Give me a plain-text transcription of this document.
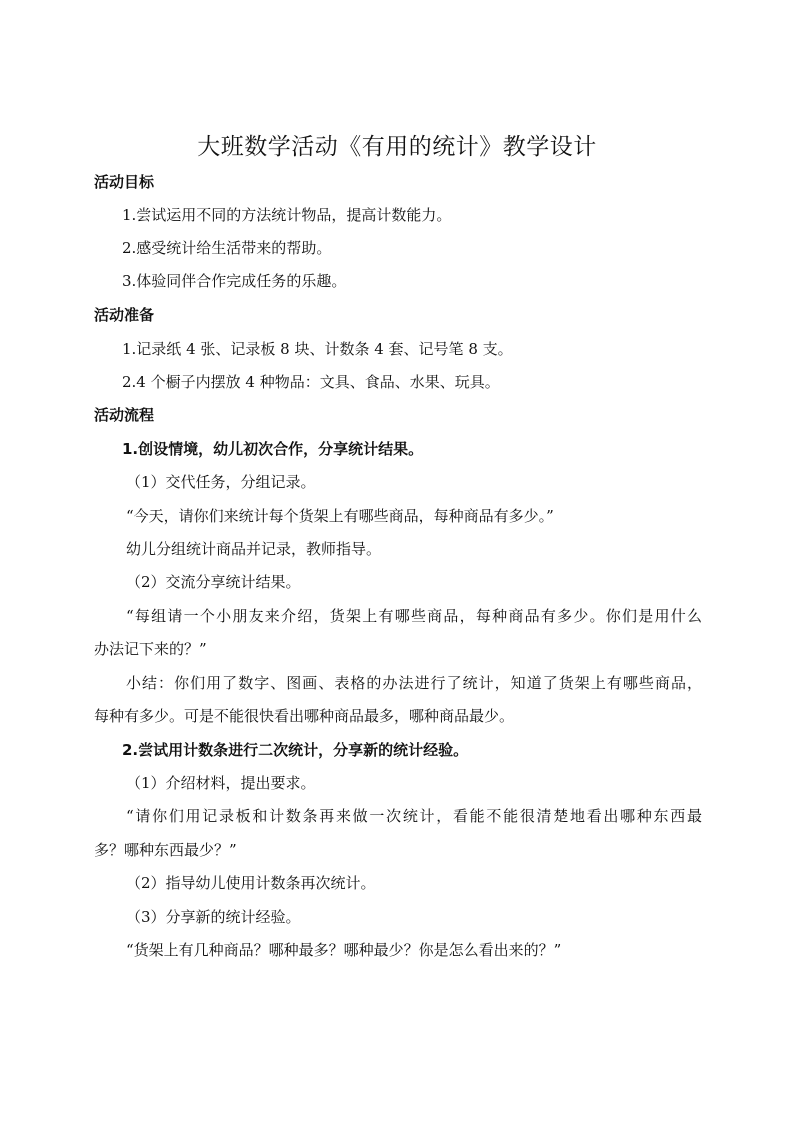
大班数学活动《有用的统计》教学设计
活动目标
1.尝试运用不同的方法统计物品，提高计数能力。
2.感受统计给生活带来的帮助。
3.体验同伴合作完成任务的乐趣。
活动准备
1.记录纸 4 张、记录板 8 块、计数条 4 套、记号笔 8 支。
2.4 个橱子内摆放 4 种物品：文具、食品、水果、玩具。
活动流程
1.创设情境，幼儿初次合作，分享统计结果。
（1）交代任务，分组记录。
“今天，请你们来统计每个货架上有哪些商品，每种商品有多少。”
幼儿分组统计商品并记录，教师指导。
（2）交流分享统计结果。
“每组请一个小朋友来介绍，货架上有哪些商品，每种商品有多少。你们是用什么
办法记下来的？”
小结：你们用了数字、图画、表格的办法进行了统计，知道了货架上有哪些商品，
每种有多少。可是不能很快看出哪种商品最多，哪种商品最少。
2.尝试用计数条进行二次统计，分享新的统计经验。
（1）介绍材料，提出要求。
“请你们用记录板和计数条再来做一次统计，看能不能很清楚地看出哪种东西最
多？哪种东西最少？”
（2）指导幼儿使用计数条再次统计。
（3）分享新的统计经验。
“货架上有几种商品？哪种最多？哪种最少？你是怎么看出来的？”
